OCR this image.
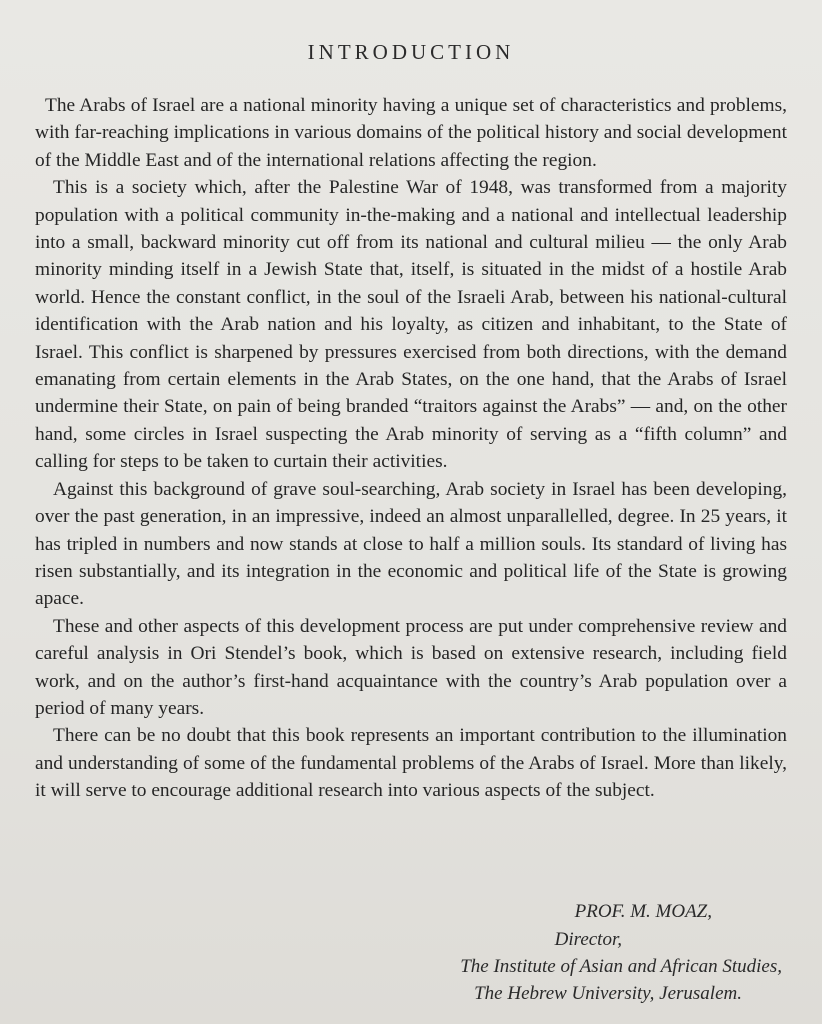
INTRODUCTION

The Arabs of Israel are a national minority having a unique set of characteristics and problems, with far-reaching implications in various domains of the political history and social development of the Middle East and of the international relations affecting the region.

This is a society which, after the Palestine War of 1948, was transformed from a majority population with a political community in-the-making and a national and intellectual leadership into a small, backward minority cut off from its national and cultural milieu — the only Arab minority minding itself in a Jewish State that, itself, is situated in the midst of a hostile Arab world. Hence the constant conflict, in the soul of the Israeli Arab, between his national-cultural identification with the Arab nation and his loyalty, as citizen and inhabitant, to the State of Israel. This conflict is sharpened by pressures exercised from both directions, with the demand emanating from certain elements in the Arab States, on the one hand, that the Arabs of Israel undermine their State, on pain of being branded “traitors against the Arabs” — and, on the other hand, some circles in Israel suspecting the Arab minority of serving as a “fifth column” and calling for steps to be taken to curtain their activities.

Against this background of grave soul-searching, Arab society in Israel has been developing, over the past generation, in an impressive, indeed an almost unparallelled, degree. In 25 years, it has tripled in numbers and now stands at close to half a million souls. Its standard of living has risen substantially, and its integration in the economic and political life of the State is growing apace.

These and other aspects of this development process are put under comprehensive review and careful analysis in Ori Stendel’s book, which is based on extensive research, including field work, and on the author’s first-hand acquaintance with the country’s Arab population over a period of many years.

There can be no doubt that this book represents an important contribution to the illumination and understanding of some of the fundamental problems of the Arabs of Israel. More than likely, it will serve to encourage additional research into various aspects of the subject.

PROF. M. MOAZ,
Director,
The Institute of Asian and African Studies,
The Hebrew University, Jerusalem.
